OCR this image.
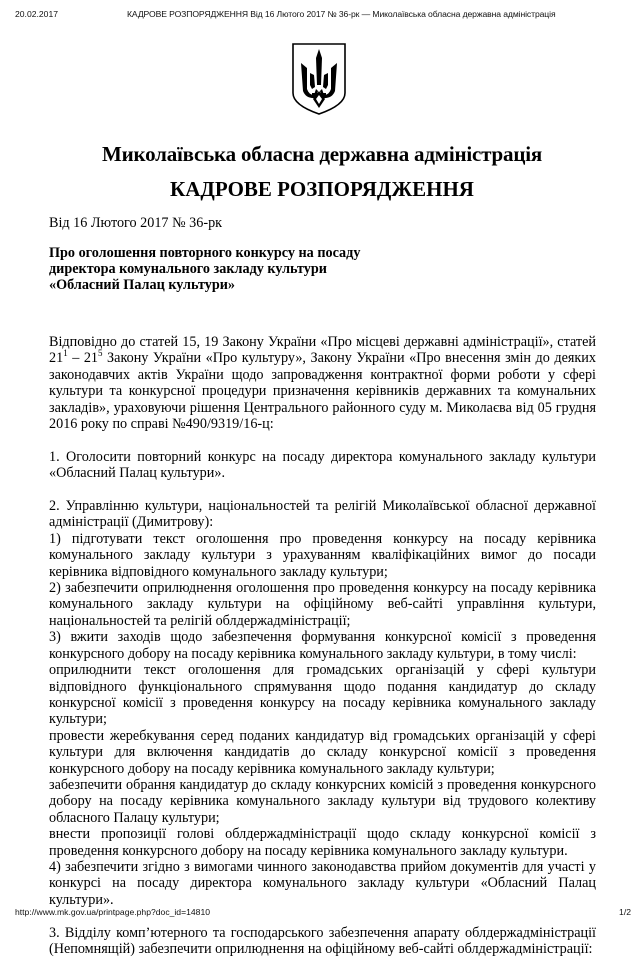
20.02.2017	КАДРОВЕ РОЗПОРЯДЖЕННЯ Від 16 Лютого 2017 № 36-рк — Миколаївська обласна державна адміністрація
Миколаївська обласна державна адміністрація
КАДРОВЕ РОЗПОРЯДЖЕННЯ
Від 16 Лютого 2017 № 36-рк
Про оголошення повторного конкурсу на посаду
директора комунального закладу культури
«Обласний Палац культури»

Відповідно до статей 15, 19 Закону України «Про місцеві державні адміністрації», статей $21^1 - 21^5$ Закону України «Про культуру», Закону України «Про внесення змін до деяких законодавчих актів України щодо запровадження контрактної форми роботи у сфері культури та конкурсної процедури призначення керівників державних та комунальних закладів», ураховуючи рішення Центрального районного суду м. Миколаєва від 05 грудня 2016 року по справі №490/9319/16-ц:

1. Оголосити повторний конкурс на посаду директора комунального закладу культури «Обласний Палац культури».

2. Управлінню культури, національностей та релігій Миколаївської обласної державної адміністрації (Димитрову):
1) підготувати текст оголошення про проведення конкурсу на посаду керівника комунального закладу культури з урахуванням кваліфікаційних вимог до посади керівника відповідного комунального закладу культури;
2) забезпечити оприлюднення оголошення про проведення конкурсу на посаду керівника комунального закладу культури на офіційному веб-сайті управління культури, національностей та релігій облдержадміністрації;
3) вжити заходів щодо забезпечення формування конкурсної комісії з проведення конкурсного добору на посаду керівника комунального закладу культури, в тому числі:
оприлюднити текст оголошення для громадських організацій у сфері культури відповідного функціонального спрямування щодо подання кандидатур до складу конкурсної комісії з проведення конкурсу на посаду керівника комунального закладу культури;
провести жеребкування серед поданих кандидатур від громадських організацій у сфері культури для включення кандидатів до складу конкурсної комісії з проведення конкурсного добору на посаду керівника комунального закладу культури;
забезпечити обрання кандидатур до складу конкурсних комісій з проведення конкурсного добору на посаду керівника комунального закладу культури від трудового колективу обласного Палацу культури;
внести пропозиції голові облдержадміністрації щодо складу конкурсної комісії з проведення конкурсного добору на посаду керівника комунального закладу культури.
4) забезпечити згідно з вимогами чинного законодавства прийом документів для участі у конкурсі на посаду директора комунального закладу культури «Обласний Палац культури».

3. Відділу комп’ютерного та господарського забезпечення апарату облдержадміністрації (Непомнящій) забезпечити оприлюднення на офіційному веб-сайті облдержадміністрації:

http://www.mk.gov.ua/printpage.php?doc_id=14810	1/2
